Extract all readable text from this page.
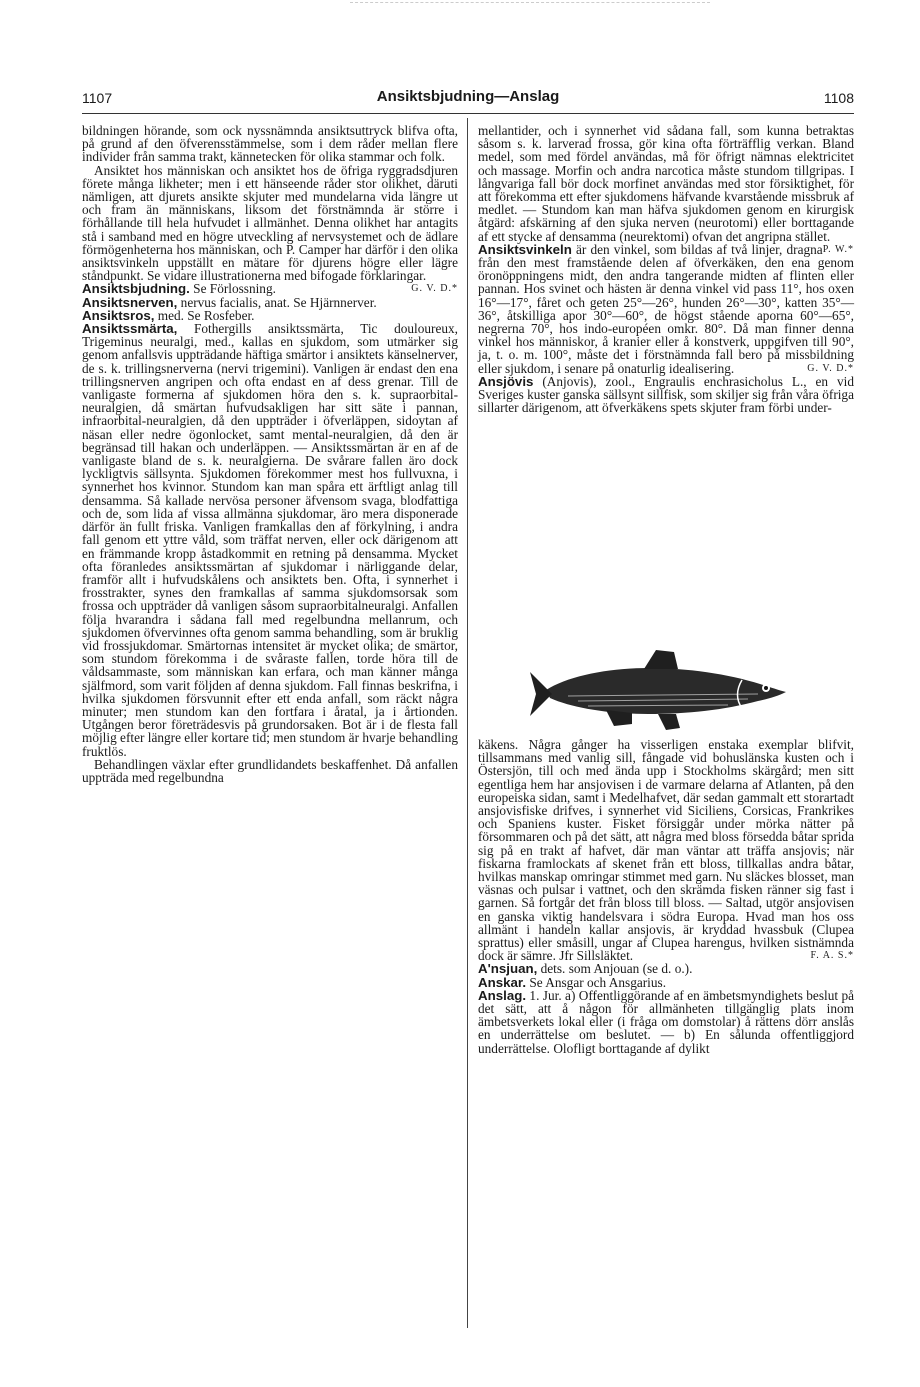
1107	Ansiktsbjudning—Anslag	1108

bildningen hörande, som ock nyssnämnda ansiktsuttryck blifva ofta, på grund af den öfverensstämmelse, som i dem råder mellan flere individer från samma trakt, kännetecken för olika stammar och folk.

Ansiktet hos människan och ansiktet hos de öfriga ryggradsdjuren förete många likheter; men i ett hänseende råder stor olikhet, däruti nämligen, att djurets ansikte skjuter med mundelarna vida längre ut och fram än människans, liksom det förstnämnda är större i förhållande till hela hufvudet i allmänhet. Denna olikhet har antagits stå i samband med en högre utveckling af nervsystemet och de ädlare förmögenheterna hos människan, och P. Camper har därför i den olika ansiktsvinkeln uppställt en mätare för djurens högre eller lägre ståndpunkt. Se vidare illustrationerna med bifogade förklaringar.
G. V. D.*

Ansiktsbjudning. Se Förlossning.

Ansiktsnerven, nervus facialis, anat. Se Hjärnnerver.

Ansiktsros, med. Se Rosfeber.

Ansiktssmärta, Fothergills ansiktssmärta, Tic douloureux, Trigeminus neuralgi, med., kallas en sjukdom, som utmärker sig genom anfallsvis uppträdande häftiga smärtor i ansiktets känselnerver, de s. k. trillingsnerverna (nervi trigemini). Vanligen är endast den ena trillingsnerven angripen och ofta endast en af dess grenar. Till de vanligaste formerna af sjukdomen höra den s. k. supraorbital-neuralgien, då smärtan hufvudsakligen har sitt säte i pannan, infraorbital-neuralgien, då den uppträder i öfverläppen, sidoytan af näsan eller nedre ögonlocket, samt mental-neuralgien, då den är begränsad till hakan och underläppen. — Ansiktssmärtan är en af de vanligaste bland de s. k. neuralgierna. De svårare fallen äro dock lyckligtvis sällsynta. Sjukdomen förekommer mest hos fullvuxna, i synnerhet hos kvinnor. Stundom kan man spåra ett ärftligt anlag till densamma. Så kallade nervösa personer äfvensom svaga, blodfattiga och de, som lida af vissa allmänna sjukdomar, äro mera disponerade därför än fullt friska. Vanligen framkallas den af förkylning, i andra fall genom ett yttre våld, som träffat nerven, eller ock därigenom att en främmande kropp åstadkommit en retning på densamma. Mycket ofta föranledes ansiktssmärtan af sjukdomar i närliggande delar, framför allt i hufvudskålens och ansiktets ben. Ofta, i synnerhet i frosstrakter, synes den framkallas af samma sjukdomsorsak som frossa och uppträder då vanligen såsom supraorbitalneuralgi. Anfallen följa hvarandra i sådana fall med regelbundna mellanrum, och sjukdomen öfvervinnes ofta genom samma behandling, som är bruklig vid frossjukdomar. Smärtornas intensitet är mycket olika; de smärtor, som stundom förekomma i de svåraste fallen, torde höra till de våldsammaste, som människan kan erfara, och man känner många själfmord, som varit följden af denna sjukdom. Fall finnas beskrifna, i hvilka sjukdomen försvunnit efter ett enda anfall, som räckt några minuter; men stundom kan den fortfara i åratal, ja i årtionden. Utgången beror företrädesvis på grundorsaken. Bot är i de flesta fall möjlig efter längre eller kortare tid; men stundom är hvarje behandling fruktlös.

Behandlingen växlar efter grundlidandets beskaffenhet. Då anfallen uppträda med regelbundna

mellantider, och i synnerhet vid sådana fall, som kunna betraktas såsom s. k. larverad frossa, gör kina ofta förträfflig verkan. Bland medel, som med fördel användas, må för öfrigt nämnas elektricitet och massage. Morfin och andra narcotica måste stundom tillgripas. I långvariga fall bör dock morfinet användas med stor försiktighet, för att förekomma ett efter sjukdomens häfvande kvarstående missbruk af medlet. — Stundom kan man häfva sjukdomen genom en kirurgisk åtgärd: afskärning af den sjuka nerven (neurotomi) eller borttagande af ett stycke af densamma (neurektomi) ofvan det angripna stället.
P. W.*

Ansiktsvinkeln är den vinkel, som bildas af två linjer, dragna från den mest framstående delen af öfverkäken, den ena genom öronöppningens midt, den andra tangerande midten af flinten eller pannan. Hos svinet och hästen är denna vinkel vid pass 11°, hos oxen 16°—17°, fåret och geten 25°—26°, hunden 26°—30°, katten 35°—36°, åtskilliga apor 30°—60°, de högst stående aporna 60°—65°, negrerna 70°, hos indo-européen omkr. 80°. Då man finner denna vinkel hos människor, å kranier eller å konstverk, uppgifven till 90°, ja, t. o. m. 100°, måste det i förstnämnda fall bero på missbildning eller sjukdom, i senare på onaturlig idealisering.	G. V. D.*

Ansjövis (Anjovis), zool., Engraulis enchrasicholus L., en vid Sveriges kuster ganska sällsynt sillfisk, som skiljer sig från våra öfriga sillarter därigenom, att öfverkäkens spets skjuter fram förbi under-

käkens. Några gånger ha visserligen enstaka exemplar blifvit, tillsammans med vanlig sill, fångade vid bohuslänska kusten och i Östersjön, till och med ända upp i Stockholms skärgård; men sitt egentliga hem har ansjovisen i de varmare delarna af Atlanten, på den europeiska sidan, samt i Medelhafvet, där sedan gammalt ett storartadt ansjovisfiske drifves, i synnerhet vid Siciliens, Corsicas, Frankrikes och Spaniens kuster. Fisket försiggår under mörka nätter på försommaren och på det sätt, att några med bloss försedda båtar sprida sig på en trakt af hafvet, där man väntar att träffa ansjovis; när fiskarna framlockats af skenet från ett bloss, tillkallas andra båtar, hvilkas manskap omringar stimmet med garn. Nu släckes blosset, man väsnas och pulsar i vattnet, och den skrämda fisken ränner sig fast i garnen. Så fortgår det från bloss till bloss. — Saltad, utgör ansjovisen en ganska viktig handelsvara i södra Europa. Hvad man hos oss allmänt i handeln kallar ansjovis, är kryddad hvassbuk (Clupea sprattus) eller småsill, ungar af Clupea harengus, hvilken sistnämnda dock är sämre. Jfr Sillsläktet.	F. A. S.*

A'nsjuan, dets. som Anjouan (se d. o.).

Anskar. Se Ansgar och Ansgarius.

Anslag. 1. Jur. a) Offentliggörande af en ämbetsmyndighets beslut på det sätt, att å någon för allmänheten tillgänglig plats inom ämbetsverkets lokal eller (i fråga om domstolar) å rättens dörr anslås en underrättelse om beslutet. — b) En sålunda offentliggjord underrättelse. Olofligt borttagande af dylikt
